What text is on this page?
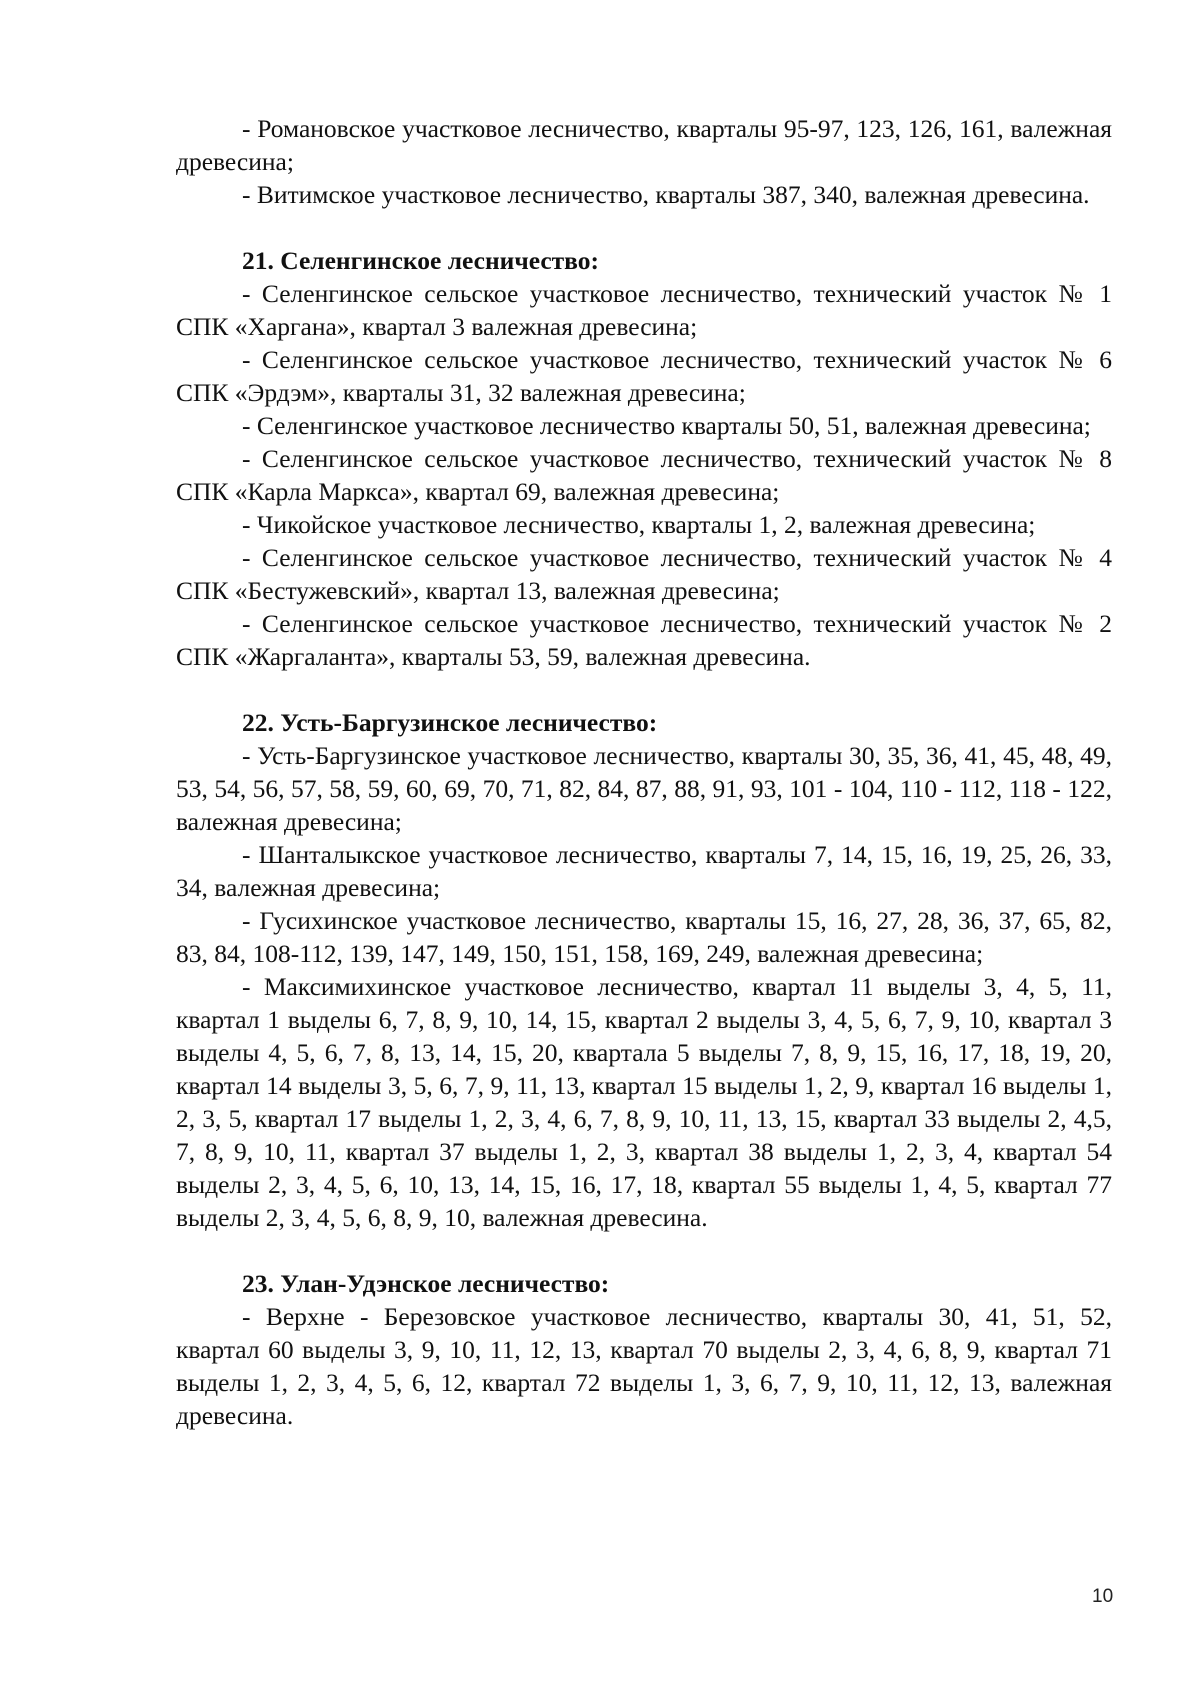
- Романовское участковое лесничество, кварталы 95-97, 123, 126, 161, валежная древесина;

- Витимское участковое лесничество, кварталы 387, 340, валежная древесина.

21. Селенгинское лесничество:

- Селенгинское сельское участковое лесничество, технический участок № 1 СПК «Харгана», квартал 3 валежная древесина;

- Селенгинское сельское участковое лесничество, технический участок № 6 СПК «Эрдэм», кварталы 31, 32 валежная древесина;

- Селенгинское участковое лесничество кварталы 50, 51, валежная древесина;

- Селенгинское сельское участковое лесничество, технический участок № 8 СПК «Карла Маркса», квартал 69, валежная древесина;

- Чикойское участковое лесничество, кварталы 1, 2, валежная древесина;

- Селенгинское сельское участковое лесничество, технический участок № 4 СПК «Бестужевский», квартал 13, валежная древесина;

- Селенгинское сельское участковое лесничество, технический участок № 2 СПК «Жаргаланта», кварталы 53, 59, валежная древесина.

22. Усть-Баргузинское лесничество:

- Усть-Баргузинское участковое лесничество, кварталы 30, 35, 36, 41, 45, 48, 49, 53, 54, 56, 57, 58, 59, 60, 69, 70, 71, 82, 84, 87, 88, 91, 93, 101 - 104, 110 - 112, 118 - 122, валежная древесина;

- Шанталыкское участковое лесничество, кварталы 7, 14, 15, 16, 19, 25, 26, 33, 34, валежная древесина;

- Гусихинское участковое лесничество, кварталы 15, 16, 27, 28, 36, 37, 65, 82, 83, 84, 108-112, 139, 147, 149, 150, 151, 158, 169, 249, валежная древесина;

- Максимихинское участковое лесничество, квартал 11 выделы 3, 4, 5, 11, квартал 1 выделы 6, 7, 8, 9, 10, 14, 15, квартал 2 выделы 3, 4, 5, 6, 7, 9, 10, квартал 3 выделы 4, 5, 6, 7, 8, 13, 14, 15, 20, квартала 5 выделы 7, 8, 9, 15, 16, 17, 18, 19, 20, квартал 14 выделы 3, 5, 6, 7, 9, 11, 13, квартал 15 выделы 1, 2, 9, квартал 16 выделы 1, 2, 3, 5, квартал 17 выделы 1, 2, 3, 4, 6, 7, 8, 9, 10, 11, 13, 15, квартал 33 выделы 2, 4,5, 7, 8, 9, 10, 11, квартал 37 выделы 1, 2, 3, квартал 38 выделы 1, 2, 3, 4, квартал 54 выделы 2, 3, 4, 5, 6, 10, 13, 14, 15, 16, 17, 18, квартал 55 выделы 1, 4, 5, квартал 77 выделы 2, 3, 4, 5, 6, 8, 9, 10, валежная древесина.

23. Улан-Удэнское лесничество:

- Верхне - Березовское участковое лесничество, кварталы 30, 41, 51, 52, квартал 60 выделы 3, 9, 10, 11, 12, 13, квартал 70 выделы 2, 3, 4, 6, 8, 9, квартал 71 выделы 1, 2, 3, 4, 5, 6, 12, квартал 72 выделы 1, 3, 6, 7, 9, 10, 11, 12, 13, валежная древесина.

10
